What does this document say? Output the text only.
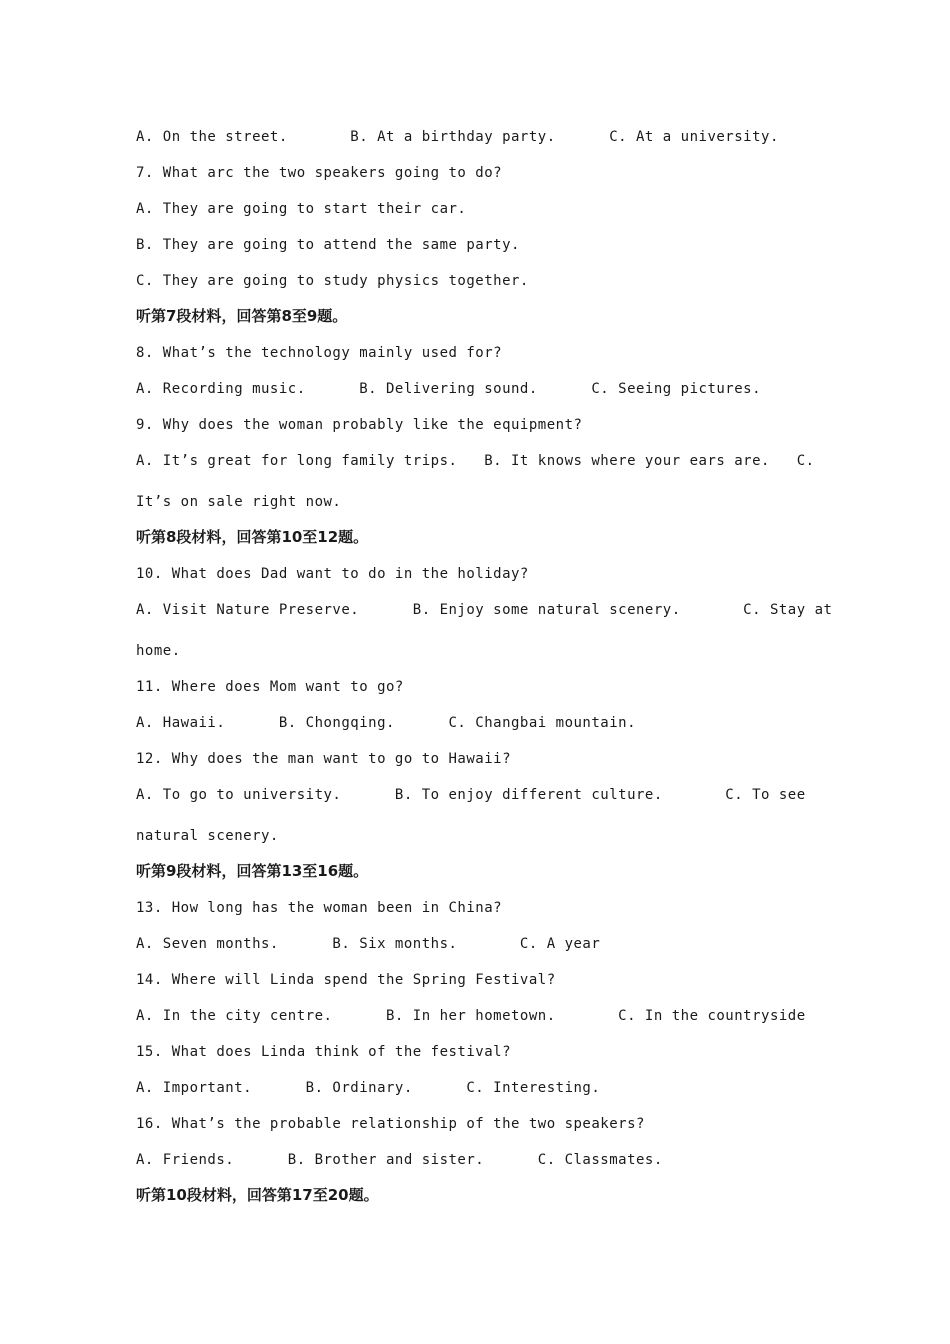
A. On the street.       B. At a birthday party.      C. At a university.
7. What arc the two speakers going to do?
A. They are going to start their car.
B. They are going to attend the same party.
C. They are going to study physics together.
听第7段材料，回答第8至9题。
8. What’s the technology mainly used for?
A. Recording music.      B. Delivering sound.      C. Seeing pictures.
9. Why does the woman probably like the equipment?
A. It’s great for long family trips.   B. It knows where your ears are.   C.
It’s on sale right now.
听第8段材料，回答第10至12题。
10. What does Dad want to do in the holiday?
A. Visit Nature Preserve.      B. Enjoy some natural scenery.       C. Stay at
home.
11. Where does Mom want to go?
A. Hawaii.      B. Chongqing.      C. Changbai mountain.
12. Why does the man want to go to Hawaii?
A. To go to university.      B. To enjoy different culture.       C. To see
natural scenery.
听第9段材料，回答第13至16题。
13. How long has the woman been in China?
A. Seven months.      B. Six months.       C. A year
14. Where will Linda spend the Spring Festival?
A. In the city centre.      B. In her hometown.       C. In the countryside
15. What does Linda think of the festival?
A. Important.      B. Ordinary.      C. Interesting.
16. What’s the probable relationship of the two speakers?
A. Friends.      B. Brother and sister.      C. Classmates.
听第10段材料，回答第17至20题。
